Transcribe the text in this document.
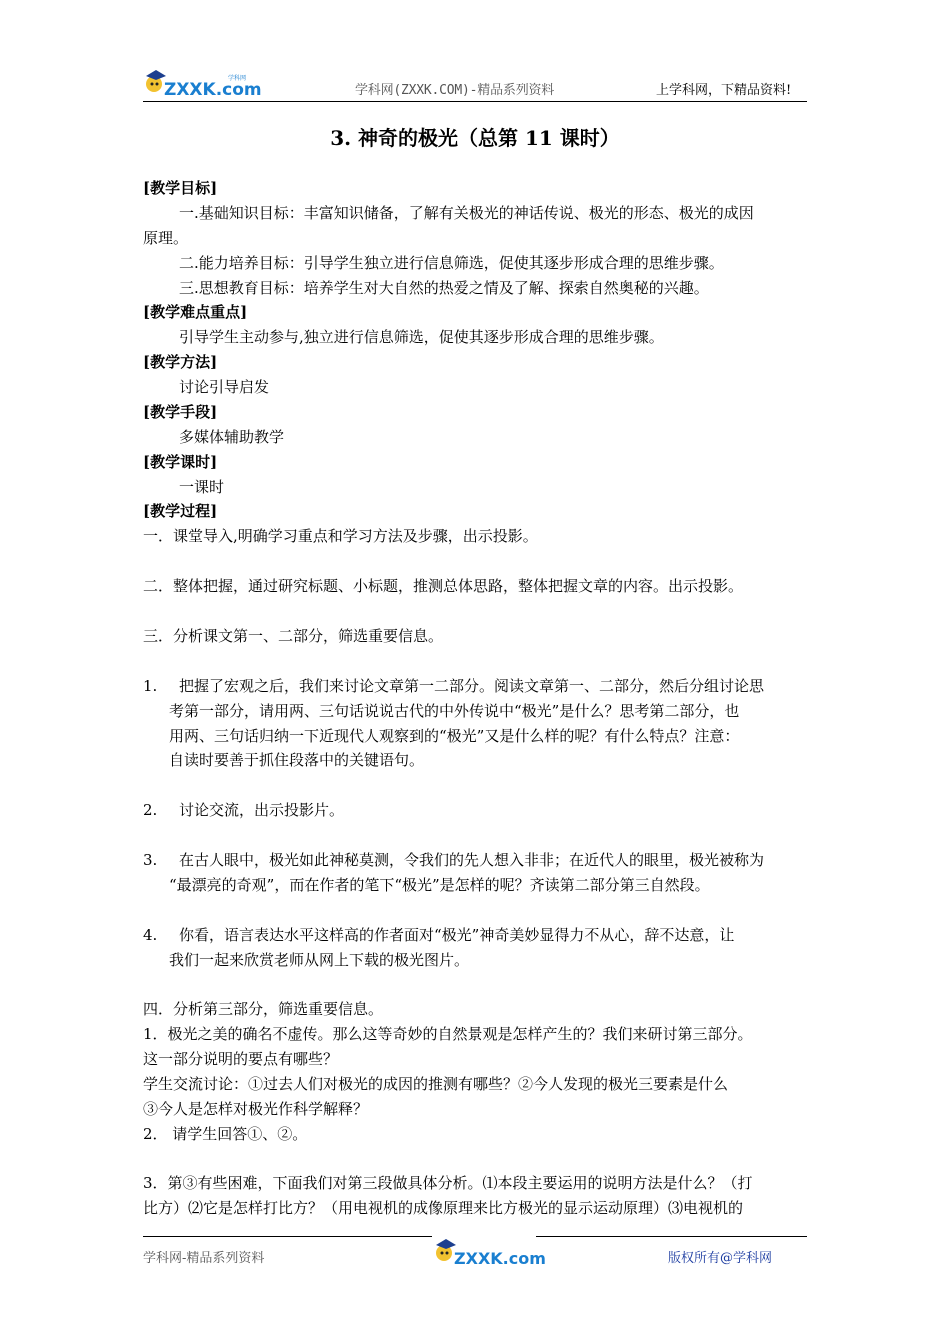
ZXXK.com
学科网
学科网(ZXXK.COM)-精品系列资料	上学科网，下精品资料!
3. 神奇的极光（总第 11 课时）
[教学目标]
一.基础知识目标：丰富知识储备，了解有关极光的神话传说、极光的形态、极光的成因
原理。
二.能力培养目标：引导学生独立进行信息筛选，促使其逐步形成合理的思维步骤。
三.思想教育目标：培养学生对大自然的热爱之情及了解、探索自然奥秘的兴趣。
[教学难点重点]
引导学生主动参与,独立进行信息筛选，促使其逐步形成合理的思维步骤。
[教学方法]
讨论引导启发
[教学手段]
多媒体辅助教学
[教学课时]
一课时
[教学过程]
一．课堂导入,明确学习重点和学习方法及步骤，出示投影。
二．整体把握，通过研究标题、小标题，推测总体思路，整体把握文章的内容。出示投影。
三．分析课文第一、二部分，筛选重要信息。
1. 把握了宏观之后，我们来讨论文章第一二部分。阅读文章第一、二部分，然后分组讨论思
考第一部分，请用两、三句话说说古代的中外传说中“极光”是什么？思考第二部分，也
用两、三句话归纳一下近现代人观察到的“极光”又是什么样的呢？有什么特点？注意：
自读时要善于抓住段落中的关键语句。
2. 讨论交流，出示投影片。
3. 在古人眼中，极光如此神秘莫测，令我们的先人想入非非；在近代人的眼里，极光被称为
“最漂亮的奇观”，而在作者的笔下“极光”是怎样的呢？齐读第二部分第三自然段。
4. 你看，语言表达水平这样高的作者面对“极光”神奇美妙显得力不从心，辞不达意，让
我们一起来欣赏老师从网上下载的极光图片。
四．分析第三部分，筛选重要信息。
1．极光之美的确名不虚传。那么这等奇妙的自然景观是怎样产生的？我们来研讨第三部分。
这一部分说明的要点有哪些？
学生交流讨论：①过去人们对极光的成因的推测有哪些？②今人发现的极光三要素是什么
③今人是怎样对极光作科学解释？
2． 请学生回答①、②。
3．第③有些困难，下面我们对第三段做具体分析。⑴本段主要运用的说明方法是什么？（打
比方）⑵它是怎样打比方？（用电视机的成像原理来比方极光的显示运动原理）⑶电视机的
学科网-精品系列资料	ZXXK.com	版权所有@学科网
